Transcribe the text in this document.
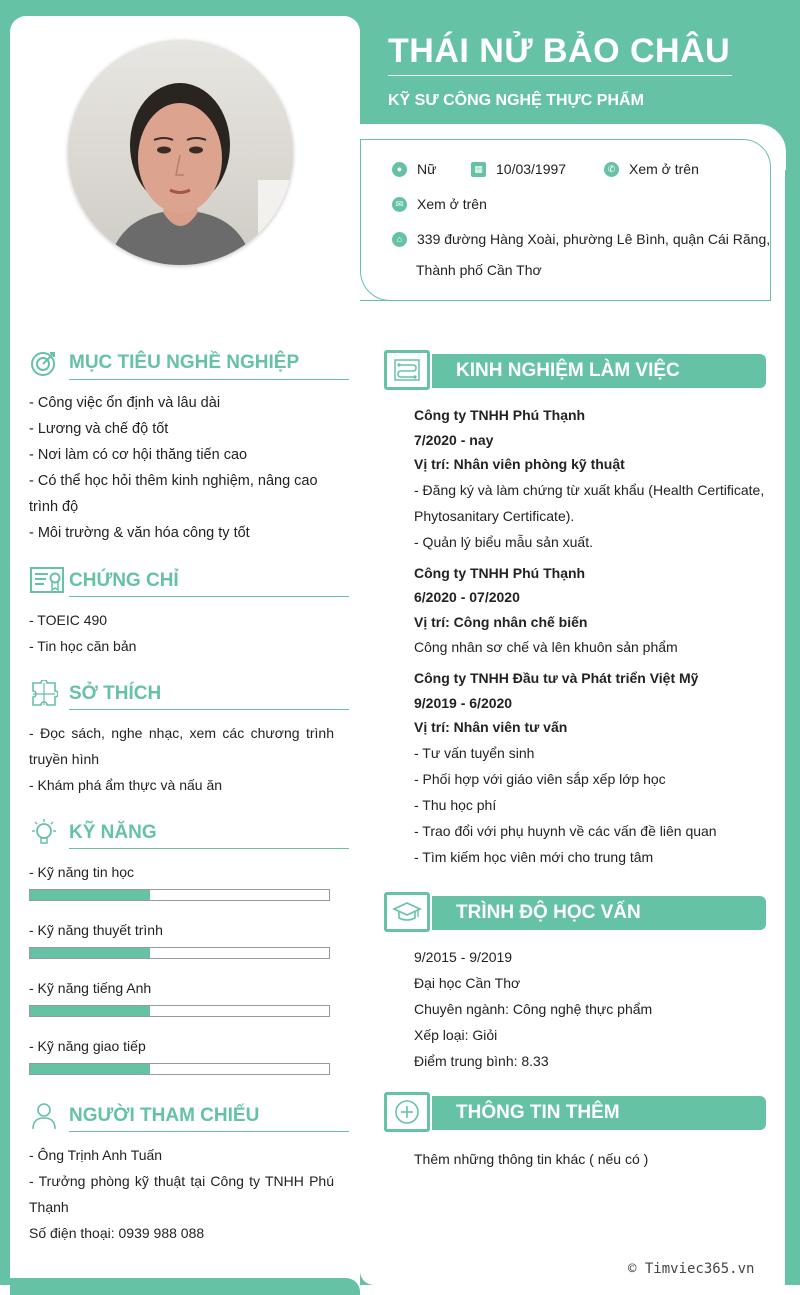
THÁI NỬ BẢO CHÂU
KỸ SƯ CÔNG NGHỆ THỰC PHẨM
●	Nữ	▦ 10/03/1997	✆ Xem ở trên
✉ Xem ở trên
⌂	339 đường Hàng Xoài, phường Lê Bình, quận Cái Răng,
Thành phố Cần Thơ
MỤC TIÊU NGHỀ NGHIỆP
- Công việc ổn định và lâu dài
- Lương và chế độ tốt
- Nơi làm có cơ hội thăng tiến cao
- Có thể học hỏi thêm kinh nghiệm, nâng cao
trình độ
- Môi trường & văn hóa công ty tốt
CHỨNG CHỈ
- TOEIC 490
- Tin học căn bản
SỞ THÍCH
- Đọc sách, nghe nhạc, xem các chương trình
truyền hình
- Khám phá ẩm thực và nấu ăn
KỸ NĂNG
- Kỹ năng tin học
- Kỹ năng thuyết trình
- Kỹ năng tiếng Anh
- Kỹ năng giao tiếp
NGƯỜI THAM CHIẾU
- Ông Trịnh Anh Tuấn
- Trưởng phòng kỹ thuật tại Công ty TNHH Phú
Thạnh
Số điện thoại: 0939 988 088
KINH NGHIỆM LÀM VIỆC
Công ty TNHH Phú Thạnh
7/2020 - nay
Vị trí: Nhân viên phòng kỹ thuật
- Đăng ký và làm chứng từ xuất khẩu (Health Certificate,
Phytosanitary Certificate).
- Quản lý biểu mẫu sản xuất.
Công ty TNHH Phú Thạnh
6/2020 - 07/2020
Vị trí: Công nhân chế biến
Công nhân sơ chế và lên khuôn sản phẩm
Công ty TNHH Đầu tư và Phát triển Việt Mỹ
9/2019 - 6/2020
Vị trí: Nhân viên tư vấn
- Tư vấn tuyển sinh
- Phối hợp với giáo viên sắp xếp lớp học
- Thu học phí
- Trao đổi với phụ huynh về các vấn đề liên quan
- Tìm kiếm học viên mới cho trung tâm
TRÌNH ĐỘ HỌC VẤN
9/2015 - 9/2019
Đại học Cần Thơ
Chuyên ngành: Công nghệ thực phẩm
Xếp loại: Giỏi
Điểm trung bình: 8.33
THÔNG TIN THÊM
Thêm những thông tin khác ( nếu có )
© Timviec365.vn
